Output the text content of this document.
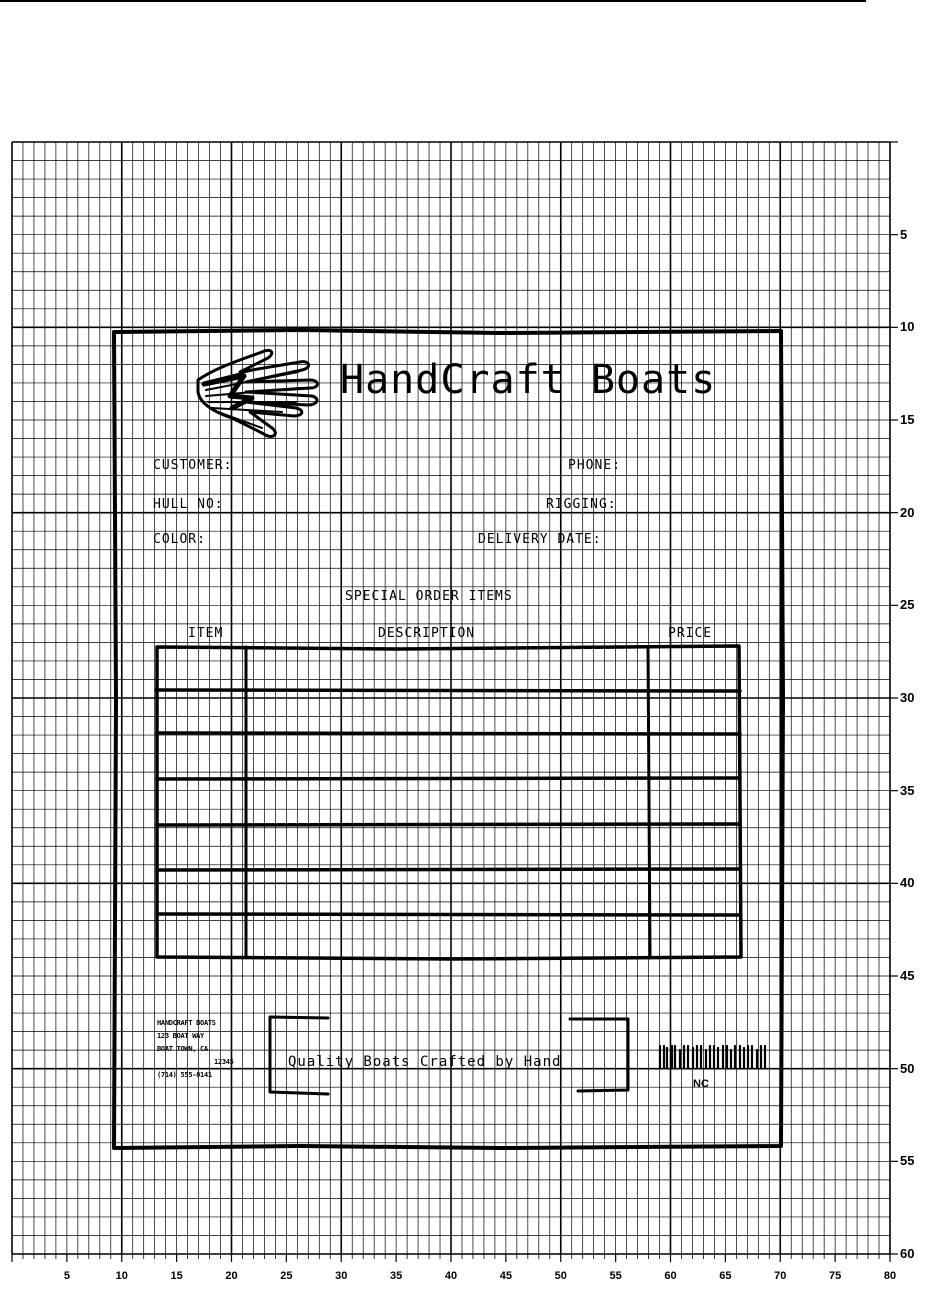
5	10	15	20	25	30	35	40	45	50	55	60	65	70	75	80
5
10
15
20
25
30
35
40
45
50
55
60
HandCraft Boats
CUSTOMER:	PHONE:
HULL NO:	RIGGING:
COLOR:	DELIVERY DATE:
SPECIAL ORDER ITEMS
ITEM	DESCRIPTION	PRICE
HANDCRAFT BOATS
123 BOAT WAY
BOAT TOWN, CA
12345
(714) 555-0141
Quality Boats Crafted by Hand
NC
